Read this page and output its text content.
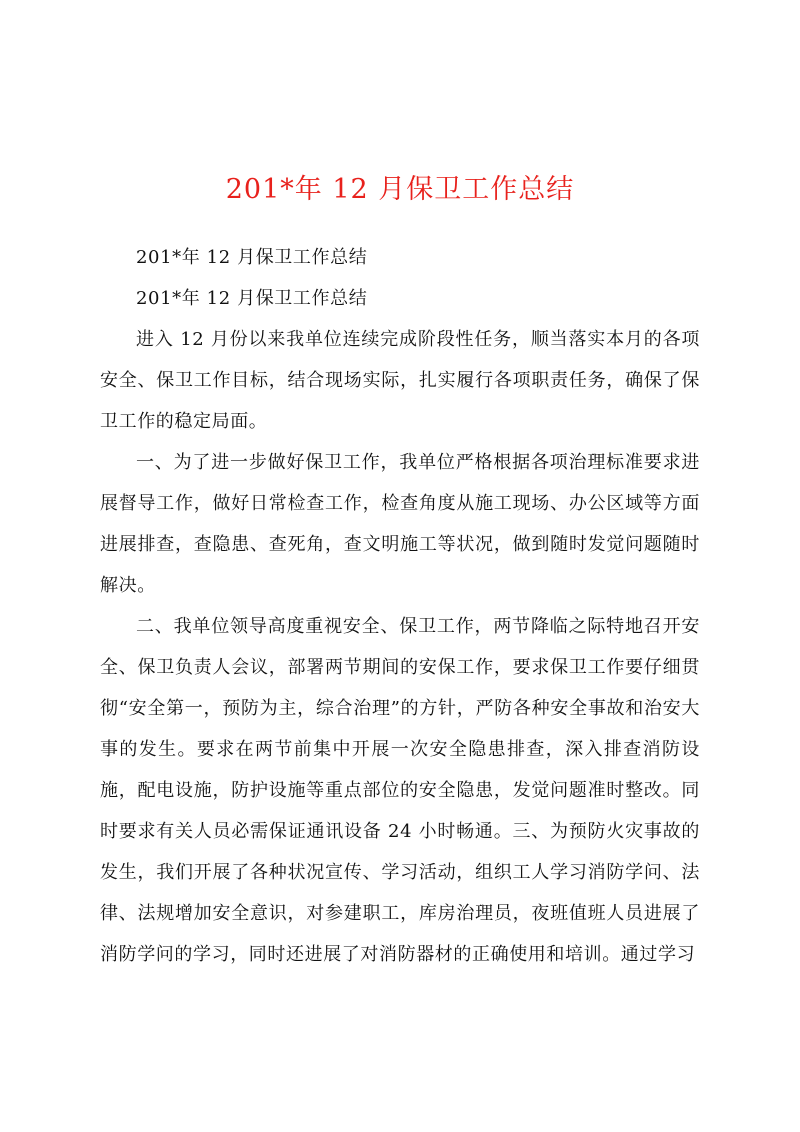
201*年 12 月保卫工作总结

201*年 12 月保卫工作总结

201*年 12 月保卫工作总结

进入 12 月份以来我单位连续完成阶段性任务，顺当落实本月的各项安全、保卫工作目标，结合现场实际，扎实履行各项职责任务，确保了保卫工作的稳定局面。

一、为了进一步做好保卫工作，我单位严格根据各项治理标准要求进展督导工作，做好日常检查工作，检查角度从施工现场、办公区域等方面进展排查，查隐患、查死角，查文明施工等状况，做到随时发觉问题随时解决。

二、我单位领导高度重视安全、保卫工作，两节降临之际特地召开安全、保卫负责人会议，部署两节期间的安保工作，要求保卫工作要仔细贯彻“安全第一，预防为主，综合治理”的方针，严防各种安全事故和治安大事的发生。要求在两节前集中开展一次安全隐患排查，深入排查消防设施，配电设施，防护设施等重点部位的安全隐患，发觉问题准时整改。同时要求有关人员必需保证通讯设备 24 小时畅通。三、为预防火灾事故的发生，我们开展了各种状况宣传、学习活动，组织工人学习消防学问、法律、法规增加安全意识，对参建职工，库房治理员，夜班值班人员进展了消防学问的学习，同时还进展了对消防器材的正确使用和培训。通过学习
